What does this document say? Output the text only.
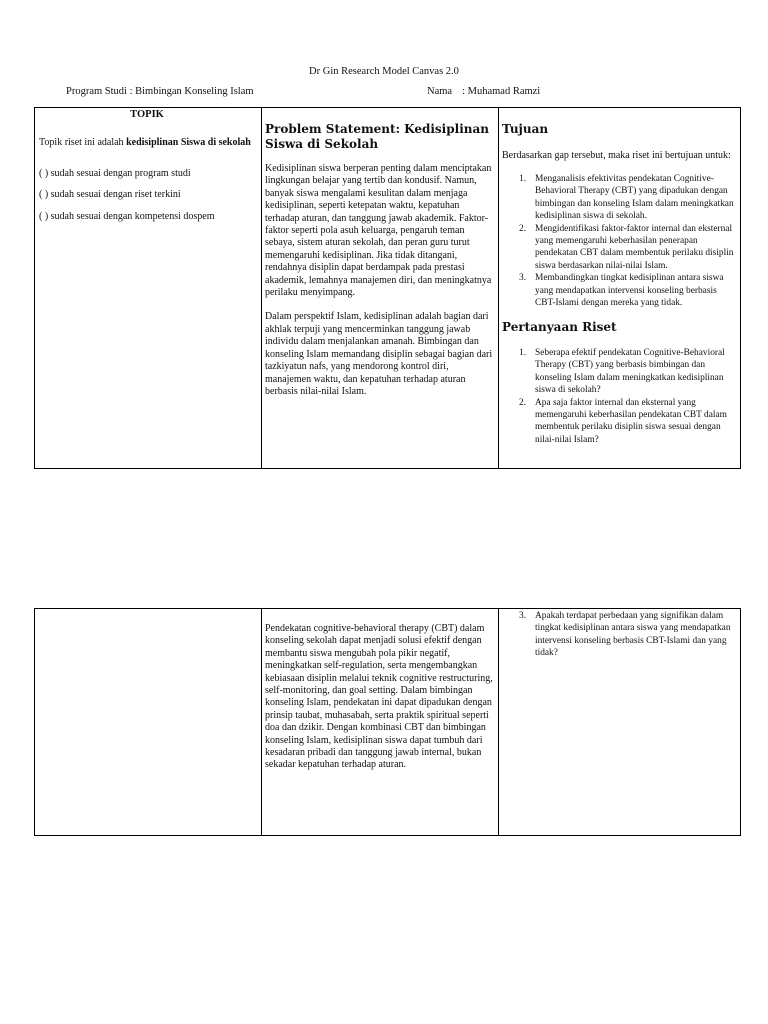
Dr Gin Research Model Canvas 2.0
Program Studi : Bimbingan Konseling Islam	Nama : Muhamad Ramzi
TOPIK
Topik riset ini adalah kedisiplinan Siswa di sekolah

( ) sudah sesuai dengan program studi

( ) sudah sesuai dengan riset terkini

( ) sudah sesuai dengan kompetensi dospem

Problem Statement: Kedisiplinan Siswa di Sekolah

Kedisiplinan siswa berperan penting dalam menciptakan lingkungan belajar yang tertib dan kondusif. Namun, banyak siswa mengalami kesulitan dalam menjaga kedisiplinan, seperti ketepatan waktu, kepatuhan terhadap aturan, dan tanggung jawab akademik. Faktor-faktor seperti pola asuh keluarga, pengaruh teman sebaya, sistem aturan sekolah, dan peran guru turut memengaruhi kedisiplinan. Jika tidak ditangani, rendahnya disiplin dapat berdampak pada prestasi akademik, lemahnya manajemen diri, dan meningkatnya perilaku menyimpang.

Dalam perspektif Islam, kedisiplinan adalah bagian dari akhlak terpuji yang mencerminkan tanggung jawab individu dalam menjalankan amanah. Bimbingan dan konseling Islam memandang disiplin sebagai bagian dari tazkiyatun nafs, yang mendorong kontrol diri, manajemen waktu, dan kepatuhan terhadap aturan berbasis nilai-nilai Islam.

Tujuan

Berdasarkan gap tersebut, maka riset ini bertujuan untuk:

1. Menganalisis efektivitas pendekatan Cognitive-Behavioral Therapy (CBT) yang dipadukan dengan bimbingan dan konseling Islam dalam meningkatkan kedisiplinan siswa di sekolah.
2. Mengidentifikasi faktor-faktor internal dan eksternal yang memengaruhi keberhasilan penerapan pendekatan CBT dalam membentuk perilaku disiplin siswa berdasarkan nilai-nilai Islam.
3. Membandingkan tingkat kedisiplinan antara siswa yang mendapatkan intervensi konseling berbasis CBT-Islami dengan mereka yang tidak.
Pertanyaan Riset
1. Seberapa efektif pendekatan Cognitive-Behavioral Therapy (CBT) yang berbasis bimbingan dan konseling Islam dalam meningkatkan kedisiplinan siswa di sekolah?
2. Apa saja faktor internal dan eksternal yang memengaruhi keberhasilan pendekatan CBT dalam membentuk perilaku disiplin siswa sesuai dengan nilai-nilai Islam?

Pendekatan cognitive-behavioral therapy (CBT) dalam konseling sekolah dapat menjadi solusi efektif dengan membantu siswa mengubah pola pikir negatif, meningkatkan self-regulation, serta mengembangkan kebiasaan disiplin melalui teknik cognitive restructuring, self-monitoring, dan goal setting. Dalam bimbingan konseling Islam, pendekatan ini dapat dipadukan dengan prinsip taubat, muhasabah, serta praktik spiritual seperti doa dan dzikir. Dengan kombinasi CBT dan bimbingan konseling Islam, kedisiplinan siswa dapat tumbuh dari kesadaran pribadi dan tanggung jawab internal, bukan sekadar kepatuhan terhadap aturan.

3. Apakah terdapat perbedaan yang signifikan dalam tingkat kedisiplinan antara siswa yang mendapatkan intervensi konseling berbasis CBT-Islami dan yang tidak?
